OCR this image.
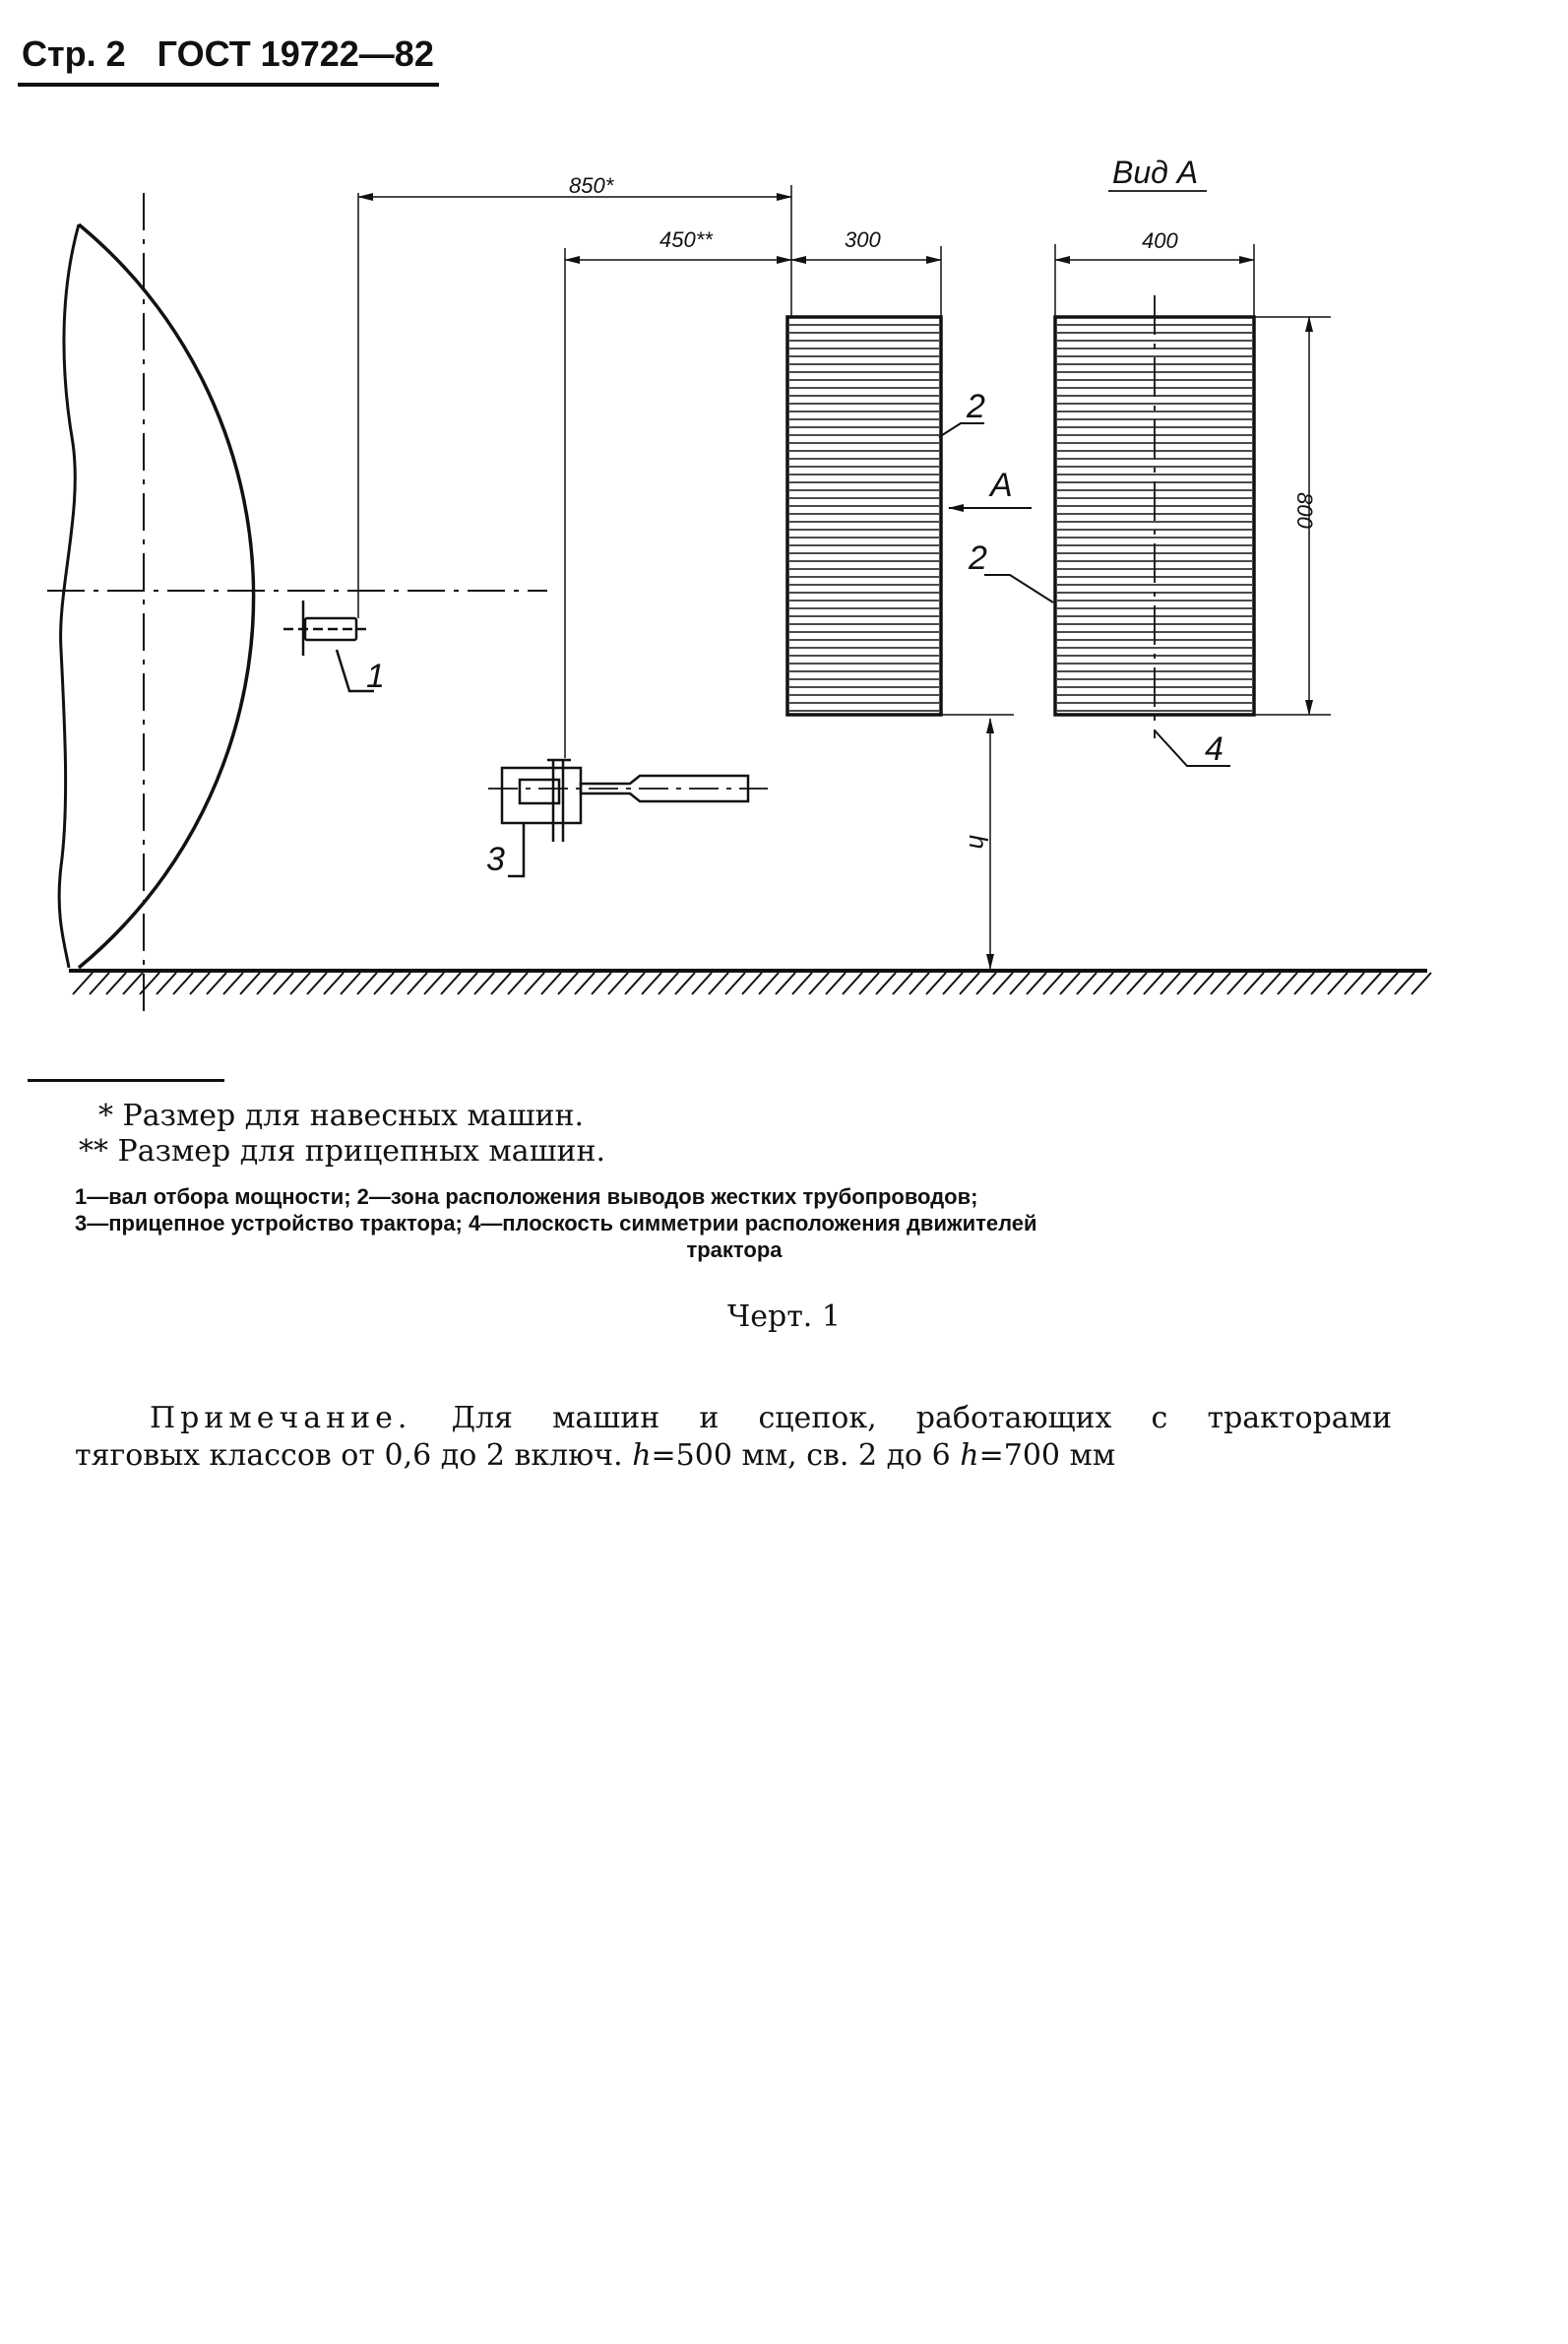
Стр. 2 ГОСТ 19722—82
850*
450**	300	400
800
h
Вид А
А
1
2
2
3
4
* Размер для навесных машин.
** Размер для прицепных машин.
1—вал отбора мощности; 2—зона расположения выводов жестких трубопроводов;
3—прицепное устройство трактора; 4—плоскость симметрии расположения движителей
трактора
Черт. 1
Примечание. Для машин и сцепок, работающих с тракторами
тяговых классов от 0,6 до 2 включ. h=500 мм, св. 2 до 6 h=700 мм
